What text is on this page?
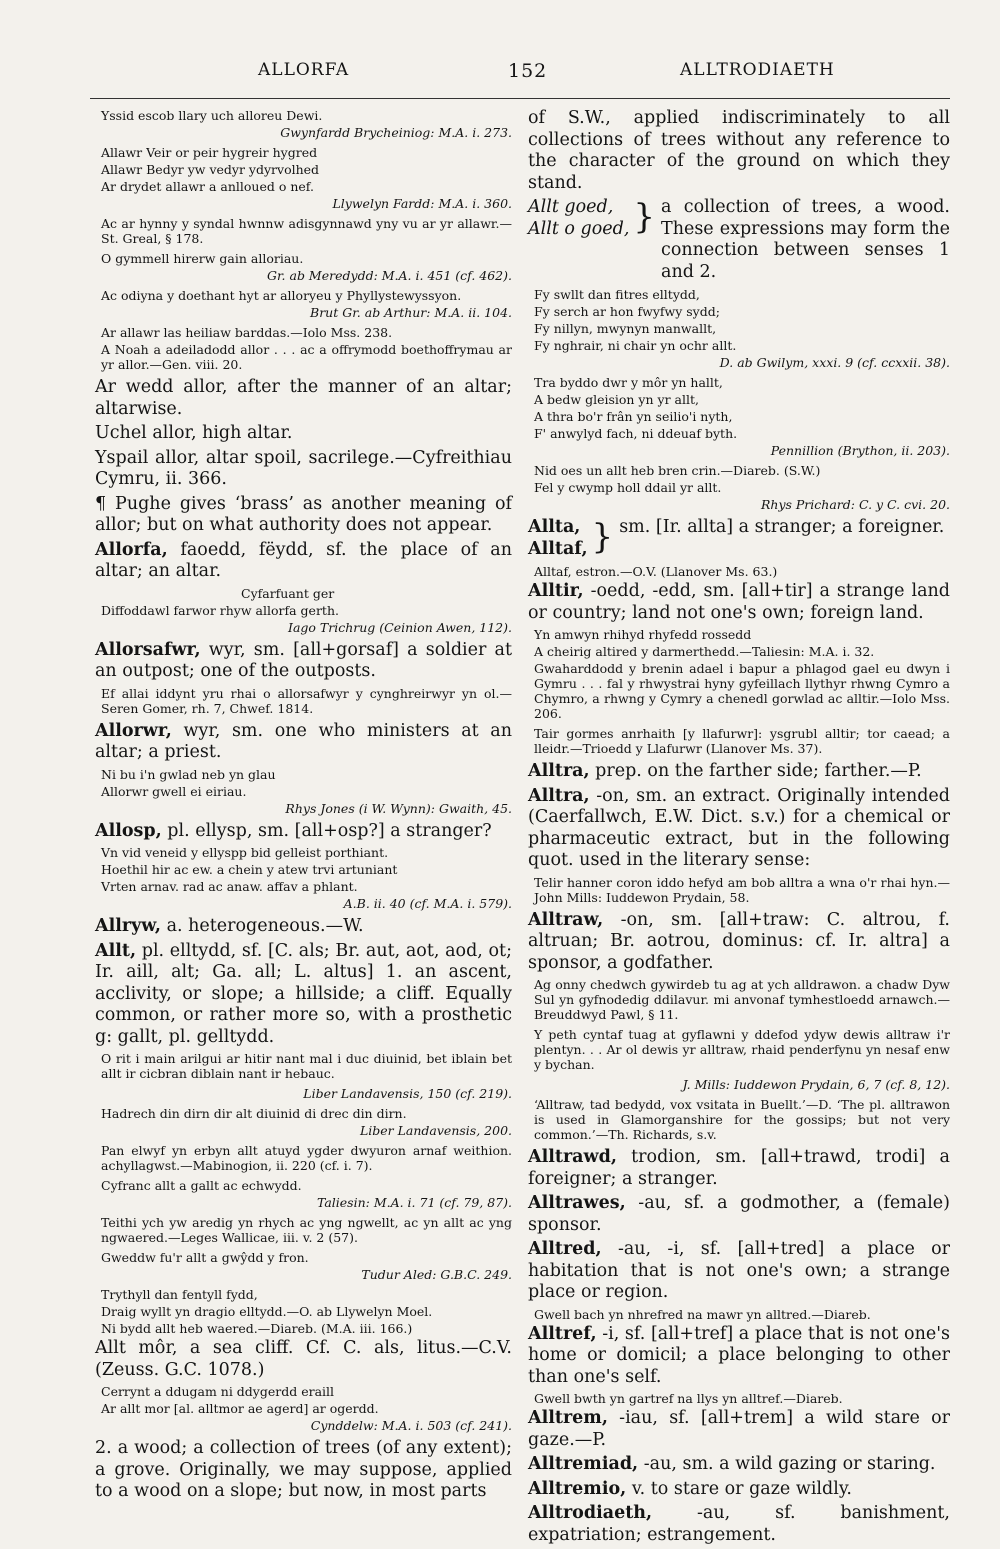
ALLORFA	152	ALLTRODIAETH
Yssid escob llary uch alloreu Dewi.
Gwynfardd Brycheiniog: M.A. i. 273.
Allawr Veir or peir hygreir hygred
Allawr Bedyr yw vedyr ydyrvolhed
Ar drydet allawr a anlloued o nef.
Llywelyn Fardd: M.A. i. 360.
Ac ar hynny y syndal hwnnw adisgynnawd yny vu ar yr allawr.—St. Greal, § 178.
O gymmell hirerw gain alloriau.
Gr. ab Meredydd: M.A. i. 451 (cf. 462).
Ac odiyna y doethant hyt ar alloryeu y Phyllystewyssyon.
Brut Gr. ab Arthur: M.A. ii. 104.
Ar allawr las heiliaw barddas.—Iolo Mss. 238.
A Noah a adeiladodd allor . . . ac a offrymodd boethoffrymau ar yr allor.—Gen. viii. 20.
Ar wedd allor, after the manner of an altar; altarwise.
Uchel allor, high altar.
Yspail allor, altar spoil, sacrilege.—Cyfreithiau Cymru, ii. 366.
¶ Pughe gives ‘brass’ as another meaning of allor; but on what authority does not appear.
Allorfa, faoedd, fëydd, sf. the place of an altar; an altar.
Cyfarfuant ger
Diffoddawl farwor rhyw allorfa gerth.
Iago Trichrug (Ceinion Awen, 112).
Allorsafwr, wyr, sm. [all+gorsaf] a soldier at an outpost; one of the outposts.
Ef allai iddynt yru rhai o allorsafwyr y cynghreirwyr yn ol.—Seren Gomer, rh. 7, Chwef. 1814.
Allorwr, wyr, sm. one who ministers at an altar; a priest.
Ni bu i'n gwlad neb yn glau
Allorwr gwell ei eiriau.
Rhys Jones (i W. Wynn): Gwaith, 45.
Allosp, pl. ellysp, sm. [all+osp?] a stranger?
Vn vid veneid y ellyspp bid gelleist porthiant.
Hoethil hir ac ew. a chein y atew trvi artuniant
Vrten arnav. rad ac anaw. affav a phlant.
A.B. ii. 40 (cf. M.A. i. 579).
Allryw, a. heterogeneous.—W.
Allt, pl. elltydd, sf. [C. als; Br. aut, aot, aod, ot; Ir. aill, alt; Ga. all; L. altus] 1. an ascent, acclivity, or slope; a hillside; a cliff. Equally common, or rather more so, with a prosthetic g: gallt, pl. gelltydd.
O rit i main arilgui ar hitir nant mal i duc diuinid, bet iblain bet allt ir cicbran diblain nant ir hebauc.
Liber Landavensis, 150 (cf. 219).
Hadrech din dirn dir alt diuinid di drec din dirn.
Liber Landavensis, 200.
Pan elwyf yn erbyn allt atuyd ygder dwyuron arnaf weithion. achyllagwst.—Mabinogion, ii. 220 (cf. i. 7).
Cyfranc allt a gallt ac echwydd.
Taliesin: M.A. i. 71 (cf. 79, 87).
Teithi ych yw aredig yn rhych ac yng ngwellt, ac yn allt ac yng ngwaered.—Leges Wallicae, iii. v. 2 (57).
Gweddw fu'r allt a gwŷdd y fron.
Tudur Aled: G.B.C. 249.
Trythyll dan fentyll fydd,
Draig wyllt yn dragio elltydd.—O. ab Llywelyn Moel.
Ni bydd allt heb waered.—Diareb. (M.A. iii. 166.)
Allt môr, a sea cliff. Cf. C. als, litus.—C.V. (Zeuss. G.C. 1078.)
Cerrynt a ddugam ni ddygerdd eraill
Ar allt mor [al. alltmor ae agerd] ar ogerdd.
Cynddelw: M.A. i. 503 (cf. 241).
2. a wood; a collection of trees (of any extent); a grove. Originally, we may suppose, applied to a wood on a slope; but now, in most parts
of S.W., applied indiscriminately to all collections of trees without any reference to the character of the ground on which they stand.
Allt goed,
Allt o goed, } a collection of trees, a wood. These expressions may form the connection between senses 1 and 2.
Fy swllt dan fitres elltydd,
Fy serch ar hon fwyfwy sydd;
Fy nillyn, mwynyn manwallt,
Fy nghrair, ni chair yn ochr allt.
D. ab Gwilym, xxxi. 9 (cf. ccxxii. 38).
Tra byddo dwr y môr yn hallt,
A bedw gleision yn yr allt,
A thra bo'r frân yn seilio'i nyth,
F' anwylyd fach, ni ddeuaf byth.
Pennillion (Brython, ii. 203).
Nid oes un allt heb bren crin.—Diareb. (S.W.)
Fel y cwymp holl ddail yr allt.
Rhys Prichard: C. y C. cvi. 20.
Allta,
Alltaf, } sm. [Ir. allta] a stranger; a foreigner.
Alltaf, estron.—O.V. (Llanover Ms. 63.)
Alltir, -oedd, -edd, sm. [all+tir] a strange land or country; land not one's own; foreign land.
Yn amwyn rhihyd rhyfedd rossedd
A cheirig altired y darmerthedd.—Taliesin: M.A. i. 32.
Gwaharddodd y brenin adael i bapur a phlagod gael eu dwyn i Gymru . . . fal y rhwystrai hyny gyfeillach llythyr rhwng Cymro a Chymro, a rhwng y Cymry a chenedl gorwlad ac alltir.—Iolo Mss. 206.
Tair gormes anrhaith [y llafurwr]: ysgrubl alltir; tor caead; a lleidr.—Trioedd y Llafurwr (Llanover Ms. 37).
Alltra, prep. on the farther side; farther.—P.
Alltra, -on, sm. an extract. Originally intended (Caerfallwch, E.W. Dict. s.v.) for a chemical or pharmaceutic extract, but in the following quot. used in the literary sense:
Telir hanner coron iddo hefyd am bob alltra a wna o'r rhai hyn.—John Mills: Iuddewon Prydain, 58.
Alltraw, -on, sm. [all+traw: C. altrou, f. altruan; Br. aotrou, dominus: cf. Ir. altra] a sponsor, a godfather.
Ag onny chedwch gywirdeb tu ag at ych alldrawon. a chadw Dyw Sul yn gyfnodedig ddilavur. mi anvonaf tymhestloedd arnawch.—Breuddwyd Pawl, § 11.
Y peth cyntaf tuag at gyflawni y ddefod ydyw dewis alltraw i'r plentyn. . . Ar ol dewis yr alltraw, rhaid penderfynu yn nesaf enw y bychan.
J. Mills: Iuddewon Prydain, 6, 7 (cf. 8, 12).
‘Alltraw, tad bedydd, vox vsitata in Buellt.’—D. ‘The pl. alltrawon is used in Glamorganshire for the gossips; but not very common.’—Th. Richards, s.v.
Alltrawd, trodion, sm. [all+trawd, trodi] a foreigner; a stranger.
Alltrawes, -au, sf. a godmother, a (female) sponsor.
Alltred, -au, -i, sf. [all+tred] a place or habitation that is not one's own; a strange place or region.
Gwell bach yn nhrefred na mawr yn alltred.—Diareb.
Alltref, -i, sf. [all+tref] a place that is not one's home or domicil; a place belonging to other than one's self.
Gwell bwth yn gartref na llys yn alltref.—Diareb.
Alltrem, -iau, sf. [all+trem] a wild stare or gaze.—P.
Alltremiad, -au, sm. a wild gazing or staring.
Alltremio, v. to stare or gaze wildly.
Alltrodiaeth, -au, sf. banishment, expatriation; estrangement.
